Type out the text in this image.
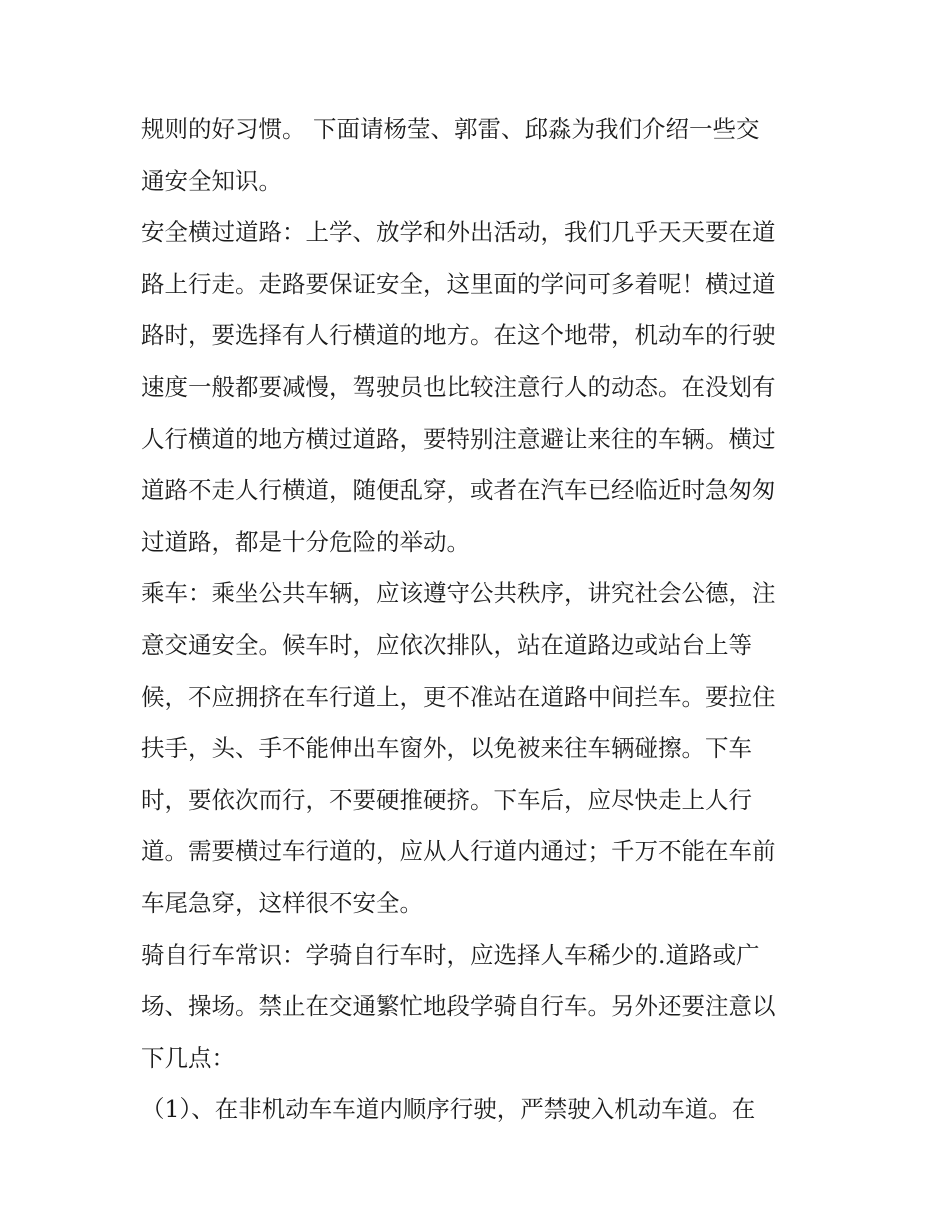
规则的好习惯。 下面请杨莹、郭雷、邱淼为我们介绍一些交
通安全知识。
安全横过道路：上学、放学和外出活动，我们几乎天天要在道
路上行走。走路要保证安全，这里面的学问可多着呢！横过道
路时，要选择有人行横道的地方。在这个地带，机动车的行驶
速度一般都要减慢，驾驶员也比较注意行人的动态。在没划有
人行横道的地方横过道路，要特别注意避让来往的车辆。横过
道路不走人行横道，随便乱穿，或者在汽车已经临近时急匆匆
过道路，都是十分危险的举动。
乘车：乘坐公共车辆，应该遵守公共秩序，讲究社会公德，注
意交通安全。候车时，应依次排队，站在道路边或站台上等
候，不应拥挤在车行道上，更不准站在道路中间拦车。要拉住
扶手，头、手不能伸出车窗外，以免被来往车辆碰擦。下车
时，要依次而行，不要硬推硬挤。下车后，应尽快走上人行
道。需要横过车行道的，应从人行道内通过；千万不能在车前
车尾急穿，这样很不安全。
骑自行车常识：学骑自行车时，应选择人车稀少的.道路或广
场、操场。禁止在交通繁忙地段学骑自行车。另外还要注意以
下几点：
（1）、在非机动车车道内顺序行驶，严禁驶入机动车道。在
